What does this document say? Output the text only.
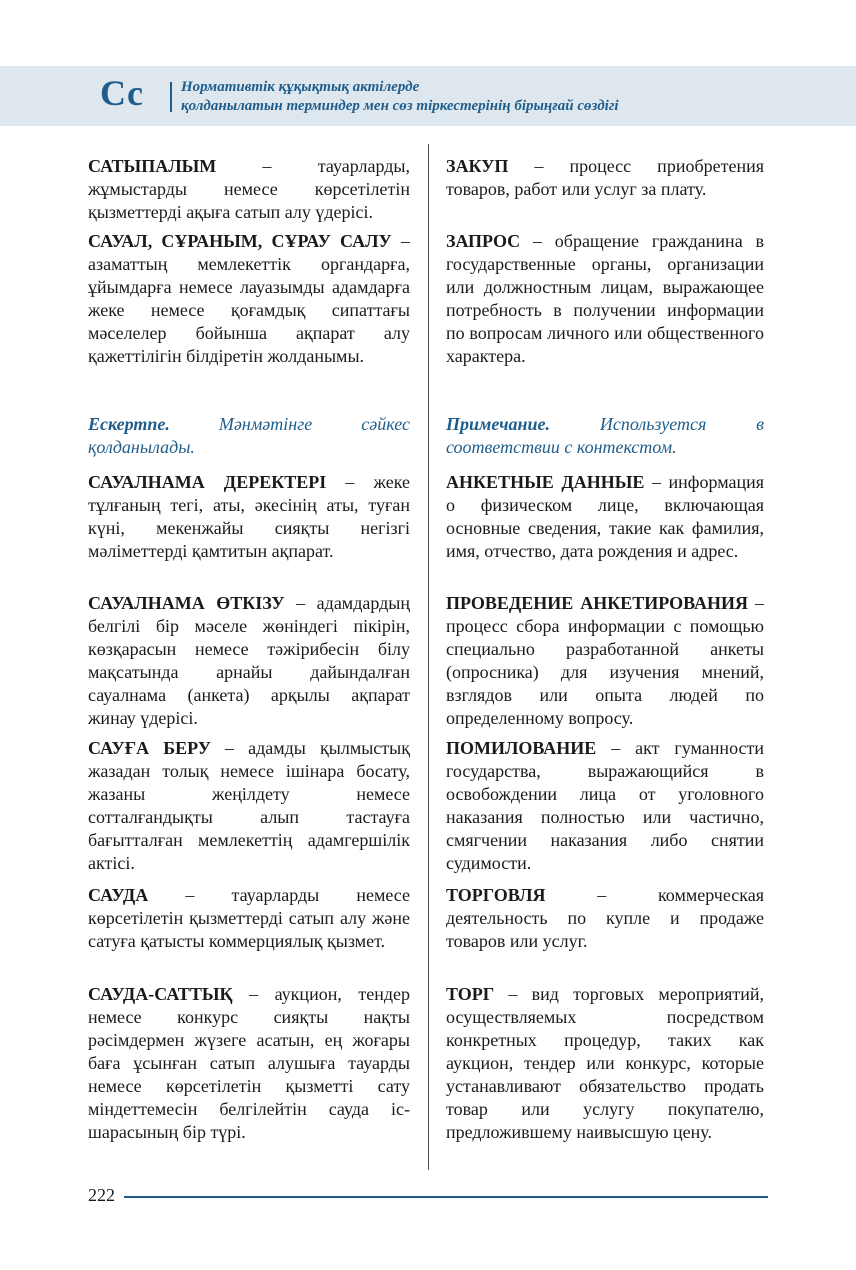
Cc Нормативтік құқықтық актілерде
қолданылатын терминдер мен сөз тіркестерінің бірыңғай сөздігі

САТЫПАЛЫМ – тауарларды, жұмыстарды немесе көрсетілетін қызметтерді ақыға сатып алу үдерісі.

САУАЛ, СҰРАНЫМ, СҰРАУ САЛУ – азаматтың мемлекеттік органдарға, ұйымдарға немесе лауазымды адамдарға жеке немесе қоғамдық сипаттағы мәселелер бойынша ақпарат алу қажеттілігін білдіретін жолданымы.

Ескертпе. Мәнмәтінге сәйкес қолданылады.

САУАЛНАМА ДЕРЕКТЕРІ – жеке тұлғаның тегі, аты, әкесінің аты, туған күні, мекенжайы сияқты негізгі мәліметтерді қамтитын ақпарат.

САУАЛНАМА ӨТКІЗУ – адамдардың белгілі бір мәселе жөніндегі пікірін, көзқарасын немесе тәжірибесін білу мақсатында арнайы дайындалған сауалнама (анкета) арқылы ақпарат жинау үдерісі.

САУҒА БЕРУ – адамды қылмыстық жазадан толық немесе ішінара босату, жазаны жеңілдету немесе сотталғандықты алып тастауға бағытталған мемлекеттің адамгершілік актісі.

САУДА – тауарларды немесе көрсетілетін қызметтерді сатып алу және сатуға қатысты коммерциялық қызмет.

САУДА-САТТЫҚ – аукцион, тендер немесе конкурс сияқты нақты рәсімдермен жүзеге асатын, ең жоғары баға ұсынған сатып алушыға тауарды немесе көрсетілетін қызметті сату міндеттемесін белгілейтін сауда іс-шарасының бір түрі.

ЗАКУП – процесс приобретения товаров, работ или услуг за плату.

ЗАПРОС – обращение гражданина в государственные органы, организации или должностным лицам, выражающее потребность в получении информации по вопросам личного или общественного характера.

Примечание. Используется в соответствии с контекстом.

АНКЕТНЫЕ ДАННЫЕ – информация о физическом лице, включающая основные сведения, такие как фамилия, имя, отчество, дата рождения и адрес.

ПРОВЕДЕНИЕ АНКЕТИРОВАНИЯ – процесс сбора информации с помощью специально разработанной анкеты (опросника) для изучения мнений, взглядов или опыта людей по определенному вопросу.

ПОМИЛОВАНИЕ – акт гуманности государства, выражающийся в освобождении лица от уголовного наказания полностью или частично, смягчении наказания либо снятии судимости.

ТОРГОВЛЯ – коммерческая деятельность по купле и продаже товаров или услуг.

ТОРГ – вид торговых мероприятий, осуществляемых посредством конкретных процедур, таких как аукцион, тендер или конкурс, которые устанавливают обязательство продать товар или услугу покупателю, предложившему наивысшую цену.

222
